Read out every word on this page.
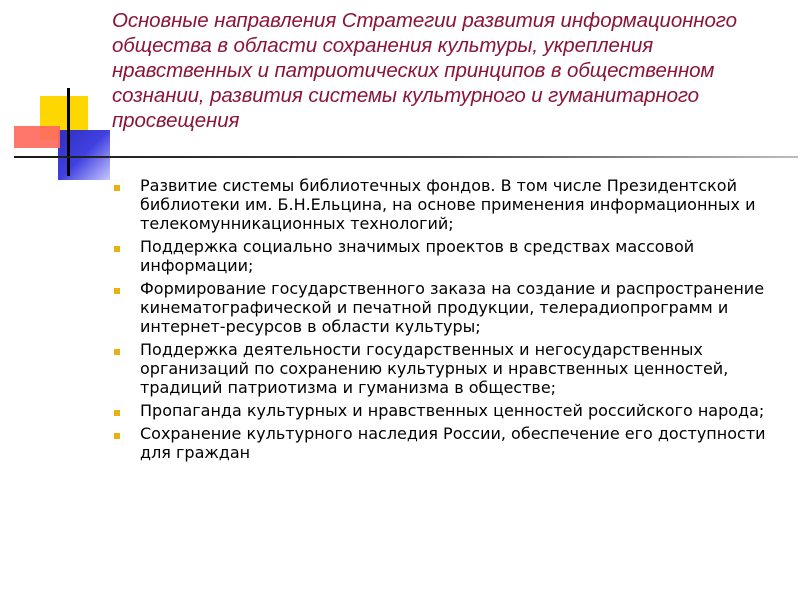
Основные направления Стратегии развития информационного общества в области сохранения культуры, укрепления нравственных и патриотических принципов в общественном сознании, развития системы культурного и гуманитарного просвещения
Развитие системы библиотечных фондов. В том числе Президентской библиотеки им. Б.Н.Ельцина, на основе применения информационных и телекомунникационных технологий;
Поддержка социально значимых проектов в средствах массовой информации;
Формирование государственного заказа на создание и распространение кинематографической и печатной продукции, телерадиопрограмм и интернет-ресурсов в области культуры;
Поддержка деятельности государственных и негосударственных организаций по сохранению культурных и нравственных ценностей, традиций патриотизма и гуманизма в обществе;
Пропаганда культурных и нравственных ценностей российского народа;
Сохранение культурного наследия России, обеспечение его доступности для граждан
